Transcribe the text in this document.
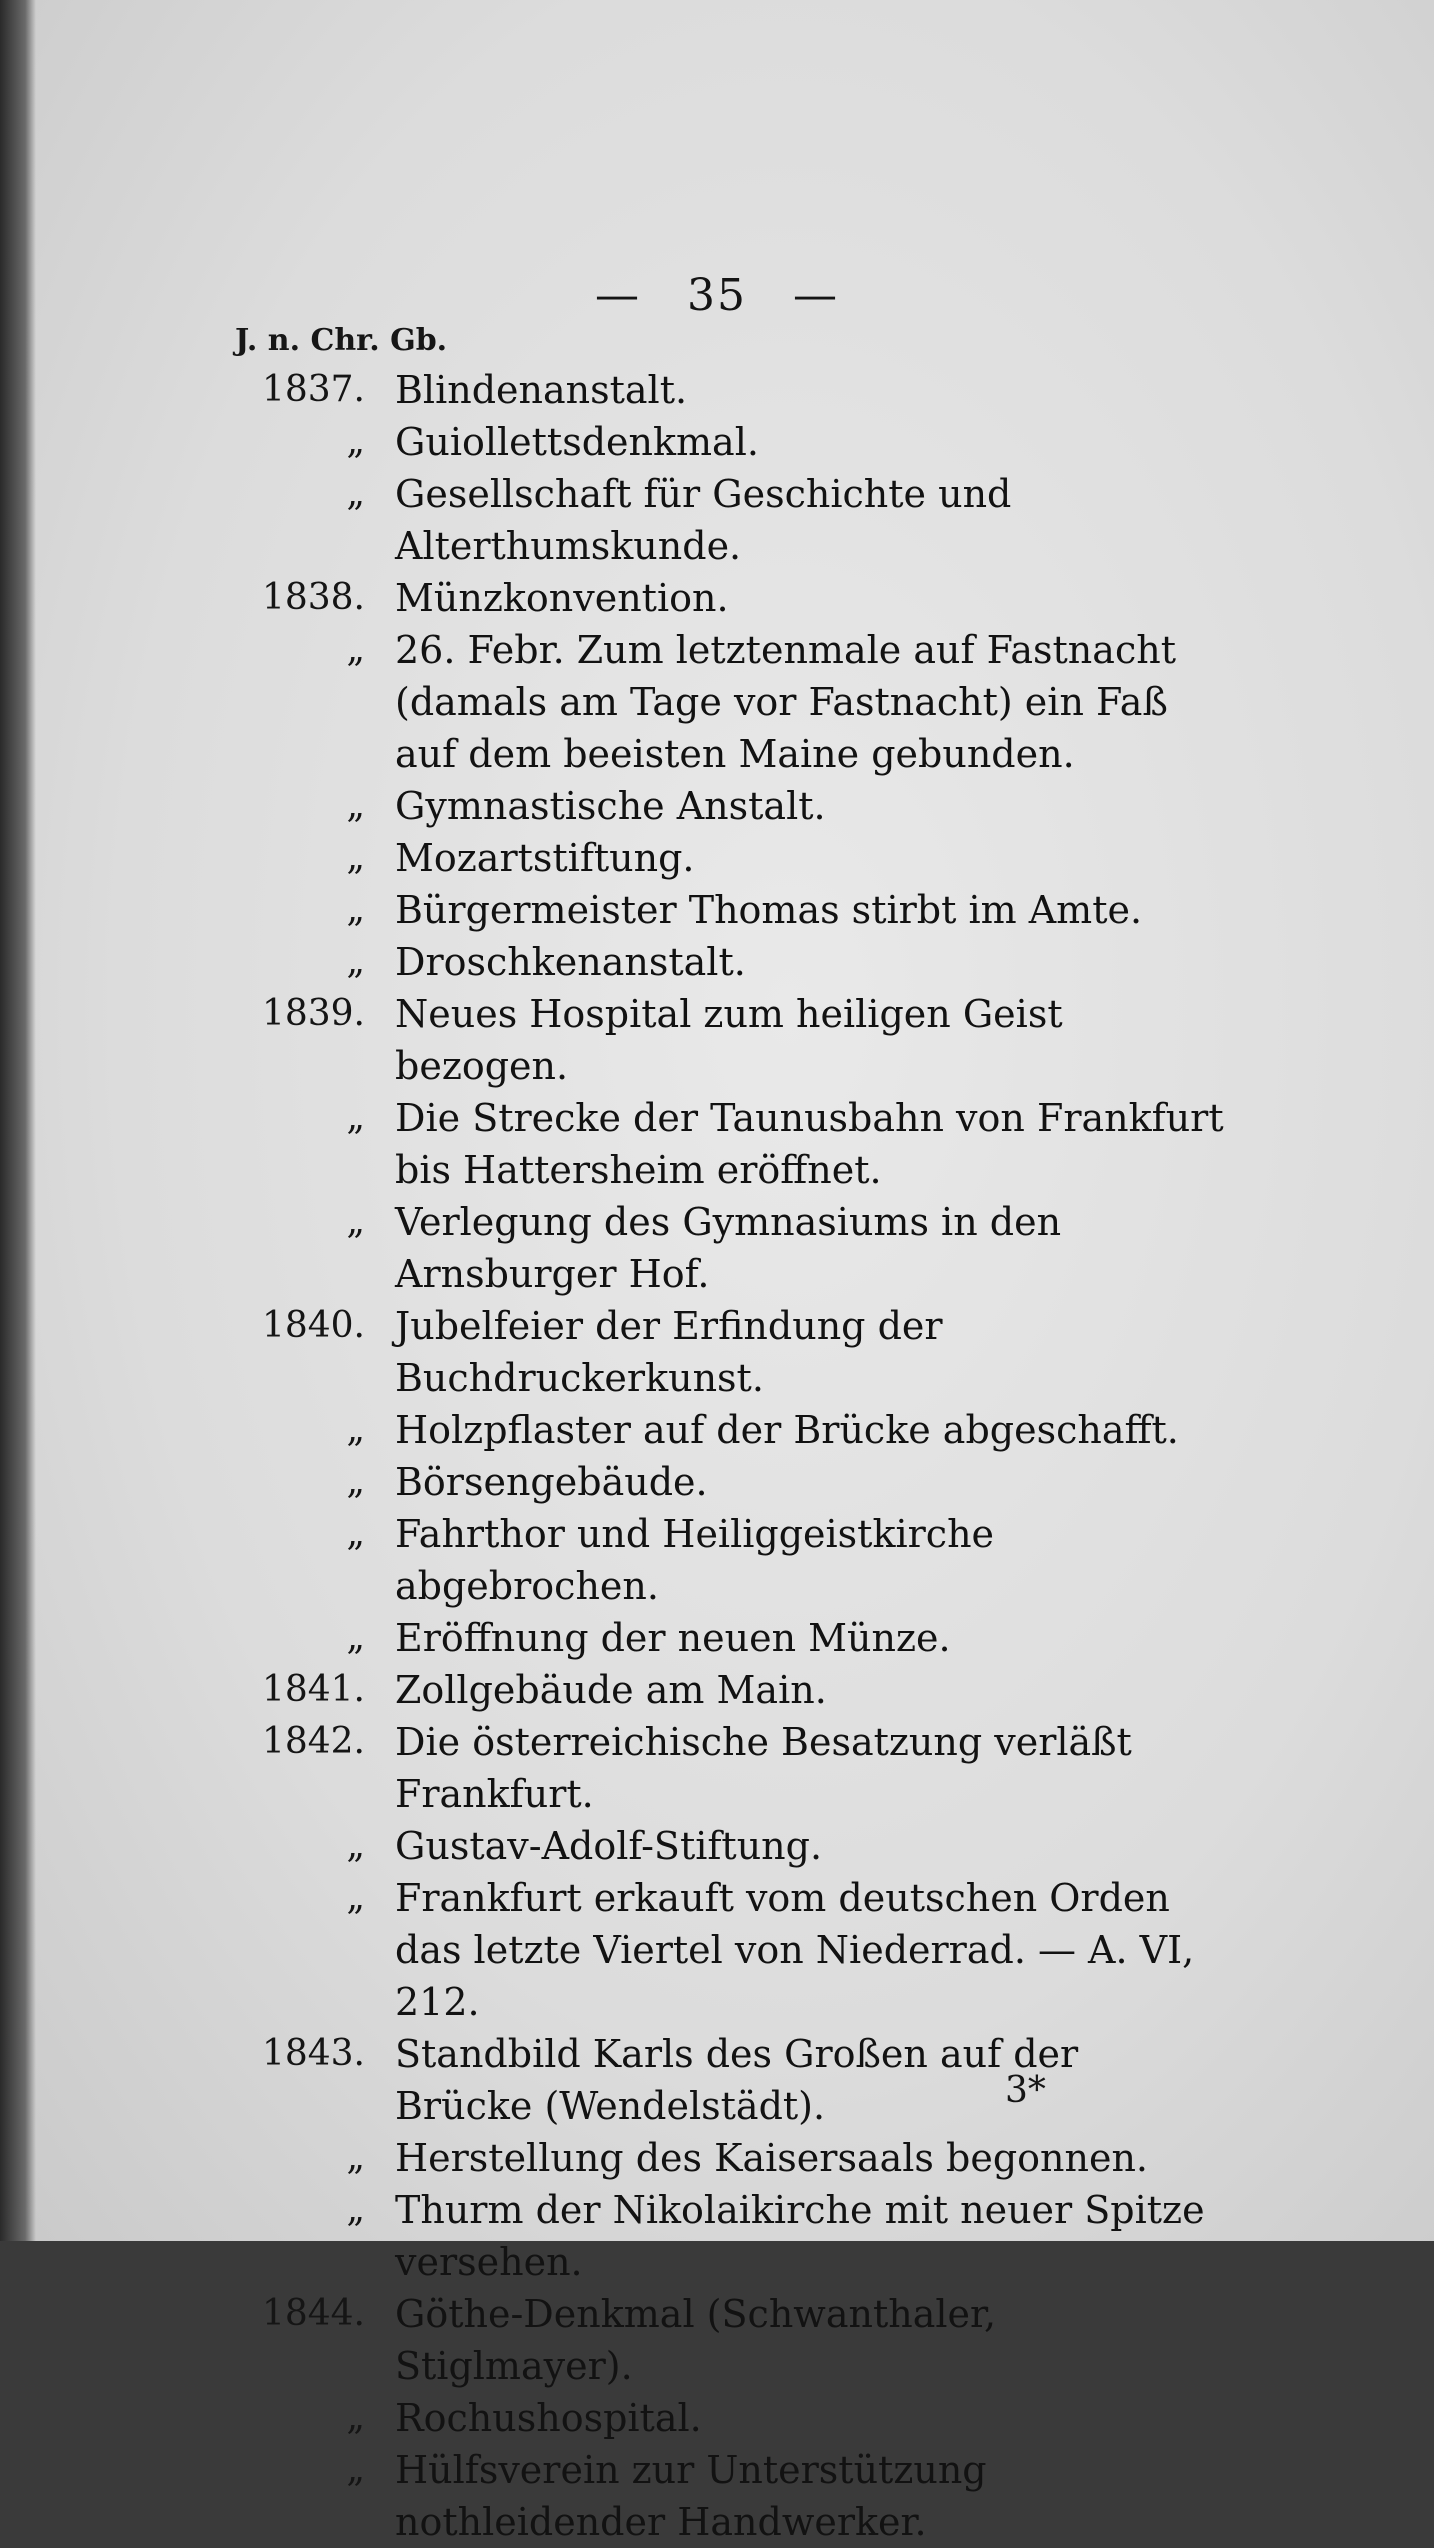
— 35 —
J. n. Chr. Gb.
1837. Blindenanstalt.
„ Guiollettsdenkmal.
„ Gesellschaft für Geschichte und Alterthumskunde.
1838. Münzkonvention.
„ 26. Febr. Zum letztenmale auf Fastnacht (damals am Tage vor Fastnacht) ein Faß auf dem beeisten Maine gebunden.
„ Gymnastische Anstalt.
„ Mozartstiftung.
„ Bürgermeister Thomas stirbt im Amte.
„ Droschkenanstalt.
1839. Neues Hospital zum heiligen Geist bezogen.
„ Die Strecke der Taunusbahn von Frankfurt bis Hattersheim eröffnet.
„ Verlegung des Gymnasiums in den Arnsburger Hof.
1840. Jubelfeier der Erfindung der Buchdruckerkunst.
„ Holzpflaster auf der Brücke abgeschafft.
„ Börsengebäude.
„ Fahrthor und Heiliggeistkirche abgebrochen.
„ Eröffnung der neuen Münze.
1841. Zollgebäude am Main.
1842. Die österreichische Besatzung verläßt Frankfurt.
„ Gustav-Adolf-Stiftung.
„ Frankfurt erkauft vom deutschen Orden das letzte Viertel von Niederrad. — A. VI, 212.
1843. Standbild Karls des Großen auf der Brücke (Wendelstädt).
„ Herstellung des Kaisersaals begonnen.
„ Thurm der Nikolaikirche mit neuer Spitze versehen.
1844. Göthe-Denkmal (Schwanthaler, Stiglmayer).
„ Rochushospital.
„ Hülfsverein zur Unterstützung nothleidender Handwerker.
3*
